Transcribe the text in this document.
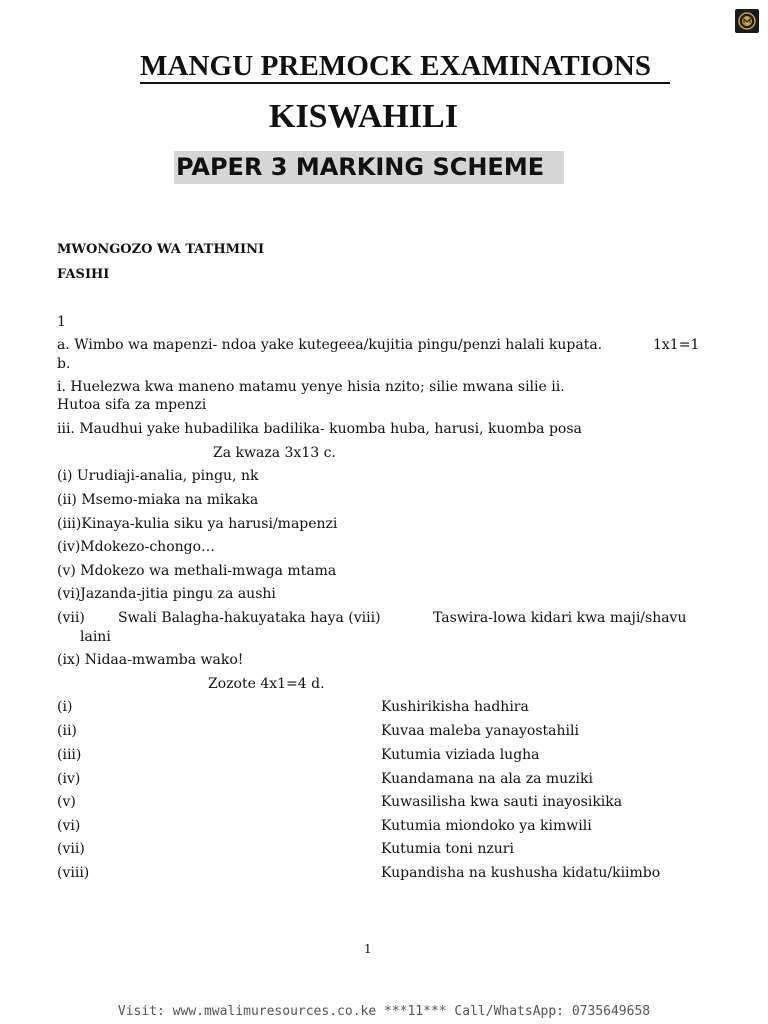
MANGU PREMOCK EXAMINATIONS
KISWAHILI
PAPER 3 MARKING SCHEME
MWONGOZO WA TATHMINI
FASIHI
1
a. Wimbo wa mapenzi- ndoa yake kutegeea/kujitia pingu/penzi halali kupata.	1x1=1
b.
i. Huelezwa kwa maneno matamu yenye hisia nzito; silie mwana silie ii.
Hutoa sifa za mpenzi
iii. Maudhui yake hubadilika badilika- kuomba huba, harusi, kuomba posa
Za kwaza 3x13 c.
(i) Urudiaji-analia, pingu, nk
(ii) Msemo-miaka na mikaka
(iii)Kinaya-kulia siku ya harusi/mapenzi
(iv)Mdokezo-chongo…
(v) Mdokezo wa methali-mwaga mtama
(vi)Jazanda-jitia pingu za aushi
(vii) Swali Balagha-hakuyataka haya (viii)	Taswira-lowa kidari kwa maji/shavu
laini
(ix) Nidaa-mwamba wako!
Zozote 4x1=4 d.
(i)	Kushirikisha hadhira
(ii)	Kuvaa maleba yanayostahili
(iii)	Kutumia viziada lugha
(iv)	Kuandamana na ala za muziki
(v)	Kuwasilisha kwa sauti inayosikika
(vi)	Kutumia miondoko ya kimwili
(vii)	Kutumia toni nzuri
(viii)	Kupandisha na kushusha kidatu/kiimbo
1
Visit: www.mwalimuresources.co.ke ***11*** Call/WhatsApp: 0735649658
